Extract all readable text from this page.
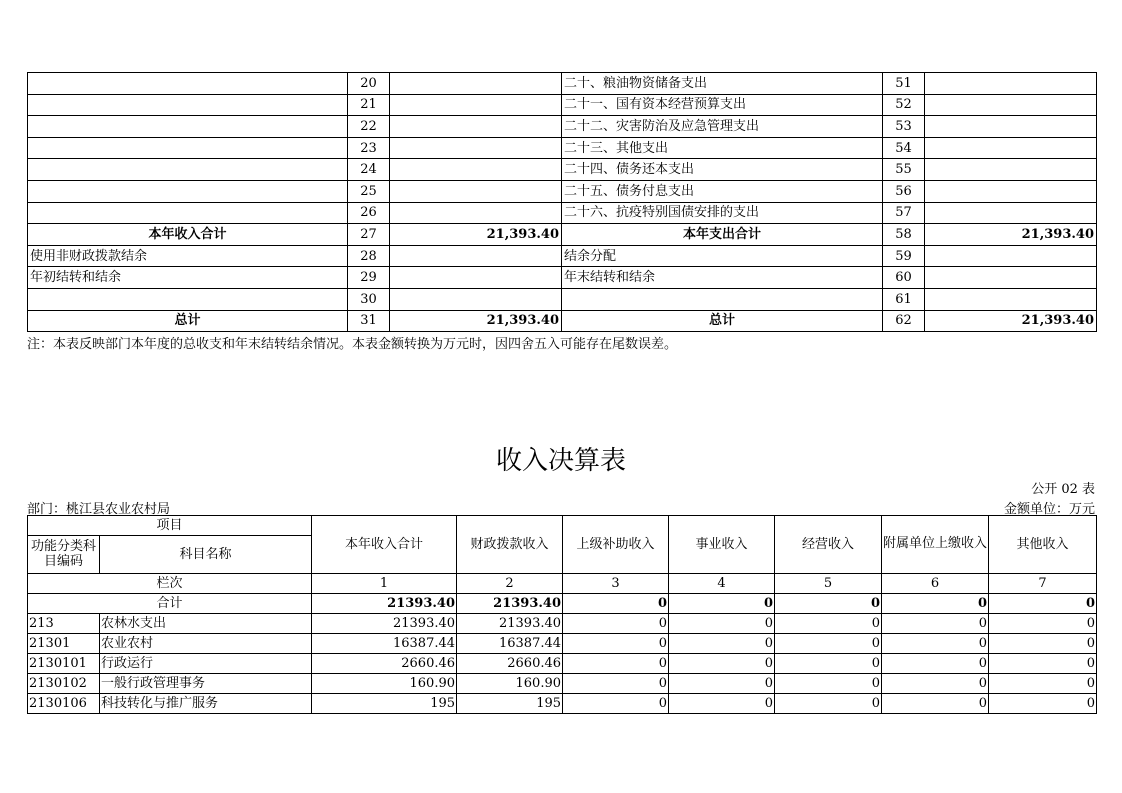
	20		二十、粮油物资储备支出	51	
	21		二十一、国有资本经营预算支出	52	
	22		二十二、灾害防治及应急管理支出	53	
	23		二十三、其他支出	54	
	24		二十四、债务还本支出	55	
	25		二十五、债务付息支出	56	
	26		二十六、抗疫特别国债安排的支出	57	
本年收入合计	27	21,393.40	本年支出合计	58	21,393.40
使用非财政拨款结余	28		结余分配	59	
年初结转和结余	29		年末结转和结余	60	
	30			61	
总计	31	21,393.40	总计	62	21,393.40
注：本表反映部门本年度的总收支和年末结转结余情况。本表金额转换为万元时，因四舍五入可能存在尾数误差。
收入决算表
公开 02 表
部门：桃江县农业农村局	金额单位：万元
项目		本年收入合计	财政拨款收入	上级补助收入	事业收入	经营收入	附属单位上缴收入	其他收入
功能分类科目编码	科目名称							
栏次		1	2	3	4	5	6	7
合计		21393.40	21393.40	0	0	0	0	0
213	农林水支出	21393.40	21393.40	0	0	0	0	0
21301	农业农村	16387.44	16387.44	0	0	0	0	0
2130101	行政运行	2660.46	2660.46	0	0	0	0	0
2130102	一般行政管理事务	160.90	160.90	0	0	0	0	0
2130106	科技转化与推广服务	195	195	0	0	0	0	0
